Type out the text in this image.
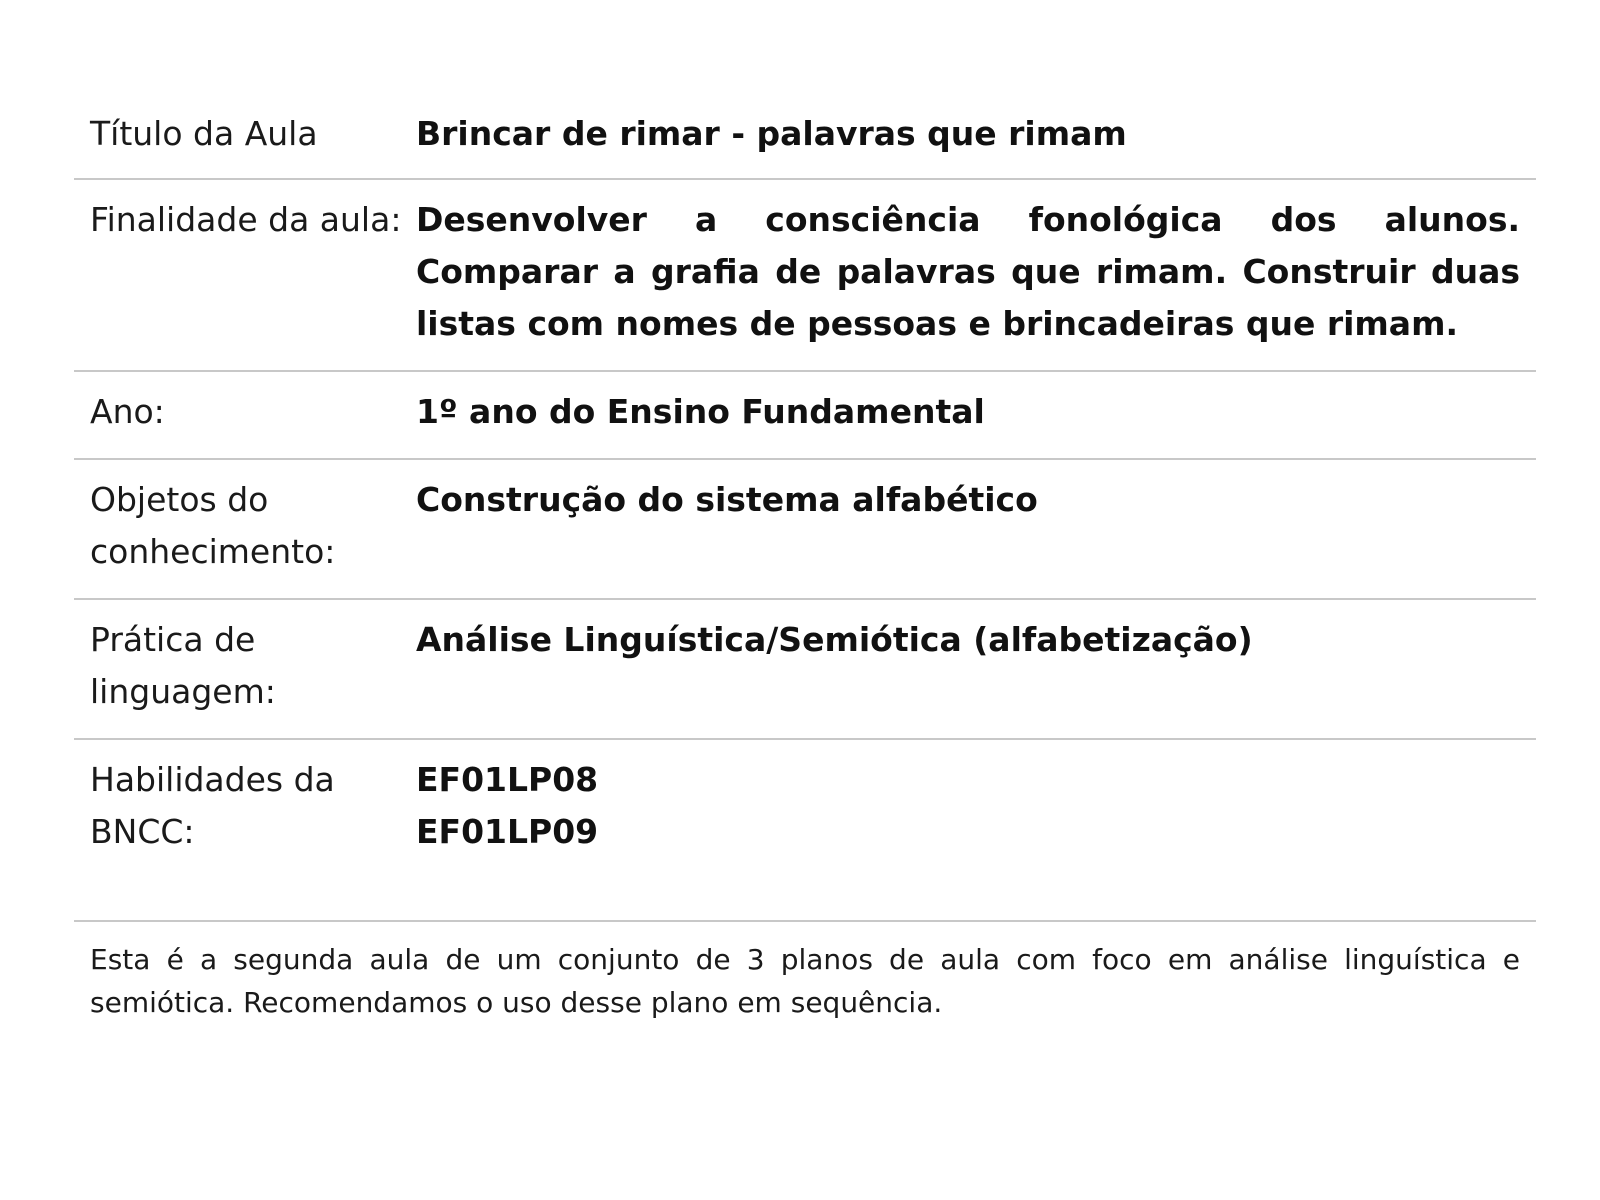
Título da Aula	Brincar de rimar - palavras que rimam

Finalidade da aula:	Desenvolver a consciência fonológica dos alunos. Comparar a grafia de palavras que rimam. Construir duas listas com nomes de pessoas e brincadeiras que rimam.

Ano:	1º ano do Ensino Fundamental

Objetos do conhecimento:	Construção do sistema alfabético

Prática de linguagem:	Análise Linguística/Semiótica (alfabetização)

Habilidades da BNCC:	EF01LP08
EF01LP09
Esta é a segunda aula de um conjunto de 3 planos de aula com foco em análise linguística e semiótica. Recomendamos o uso desse plano em sequência.
